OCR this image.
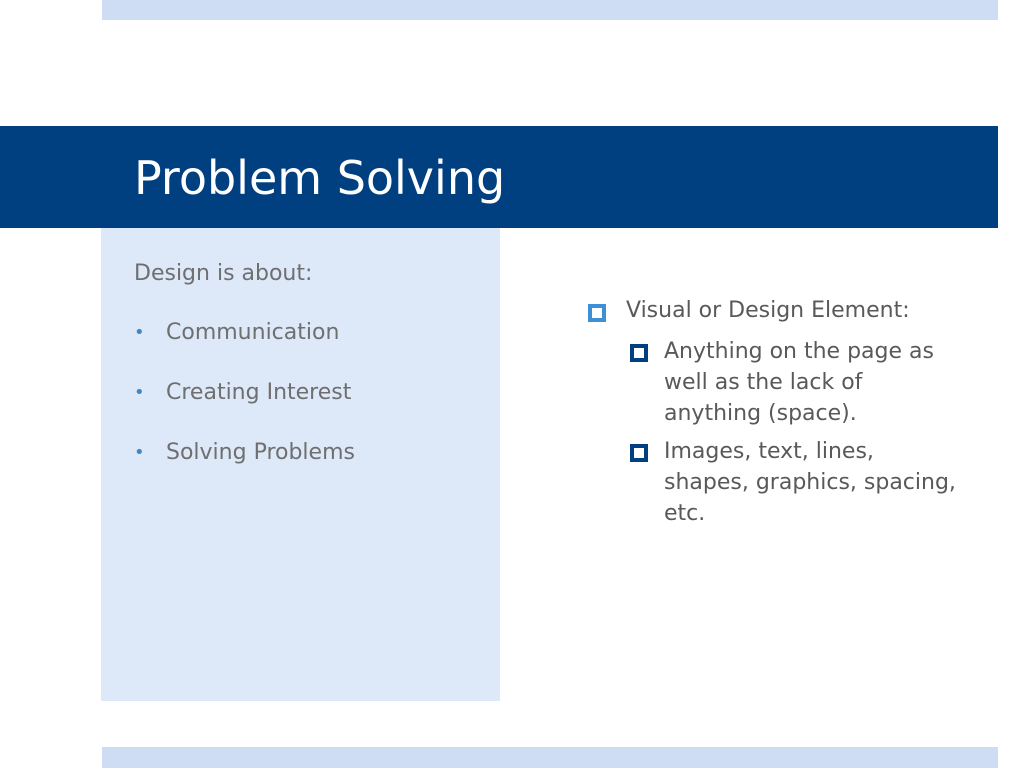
Problem Solving
Design is about:
• Communication
• Creating Interest
• Solving Problems
Visual or Design Element:
Anything on the page as well as the lack of anything (space).
Images, text, lines, shapes, graphics, spacing, etc.
